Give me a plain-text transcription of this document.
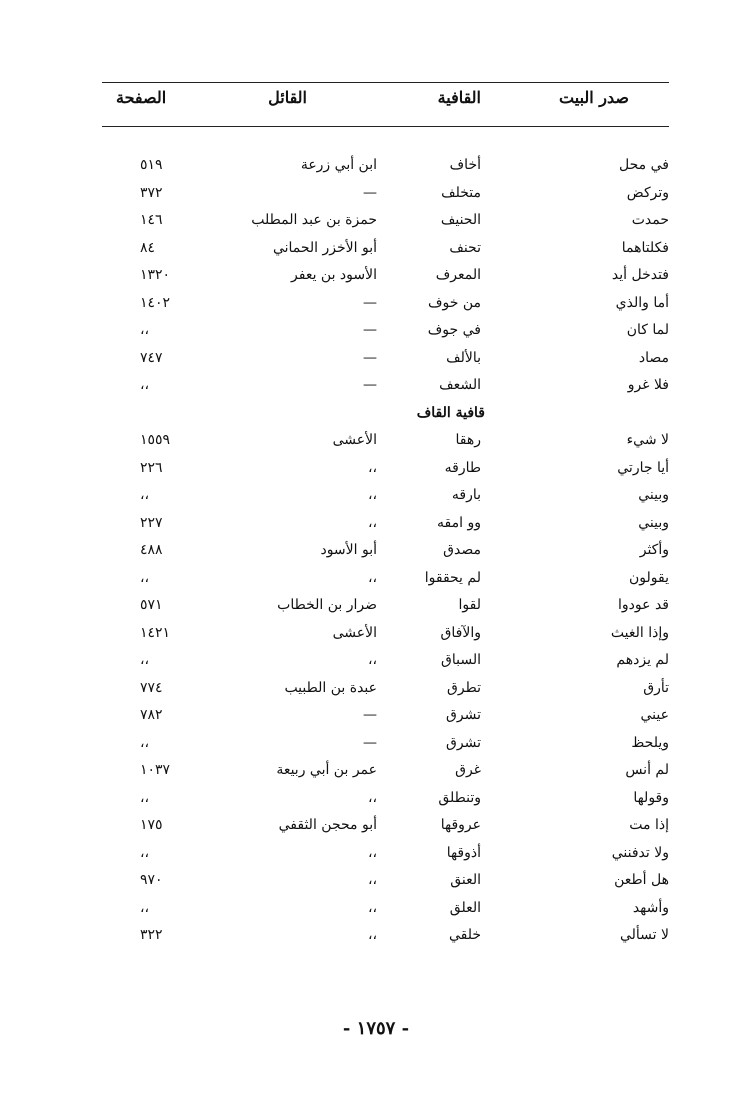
صدر البيت
القافية
القائل
الصفحة
في محل
أخاف
ابن أبي زرعة
٥١٩
وتركض
متخلف
—
٣٧٢
حمدت
الحنيف
حمزة بن عبد المطلب
١٤٦
فكلتاهما
تحنف
أبو الأخزر الحماني
٨٤
فتدخل أيد
المعرف
الأسود بن يعفر
١٣٢٠
أما والذي
من خوف
—
١٤٠٢
لما كان
في جوف
—
،،
مصاد
بالألف
—
٧٤٧
فلا غرو
الشعف
—
،،
قافية القاف
لا شيء
رهقا
الأعشى
١٥٥٩
أيا جارتي
طارقه
،،
٢٢٦
وبيني
بارقه
،،
،،
وبيني
وو امقه
،،
٢٢٧
وأكثر
مصدق
أبو الأسود
٤٨٨
يقولون
لم يحققوا
،،
،،
قد عودوا
لقوا
ضرار بن الخطاب
٥٧١
وإذا الغيث
والآفاق
الأعشى
١٤٢١
لم يزدهم
السباق
،،
،،
تأرق
تطرق
عبدة بن الطبيب
٧٧٤
عيني
تشرق
—
٧٨٢
ويلحظ
تشرق
—
،،
لم أنس
غرق
عمر بن أبي ربيعة
١٠٣٧
وقولها
وتنطلق
،،
،،
إذا مت
عروقها
أبو محجن الثقفي
١٧٥
ولا تدفنني
أذوقها
،،
،،
هل أطعن
العنق
،،
٩٧٠
وأشهد
العلق
،،
،،
لا تسألي
خلقي
،،
٣٢٢
- ١٧٥٧ -
